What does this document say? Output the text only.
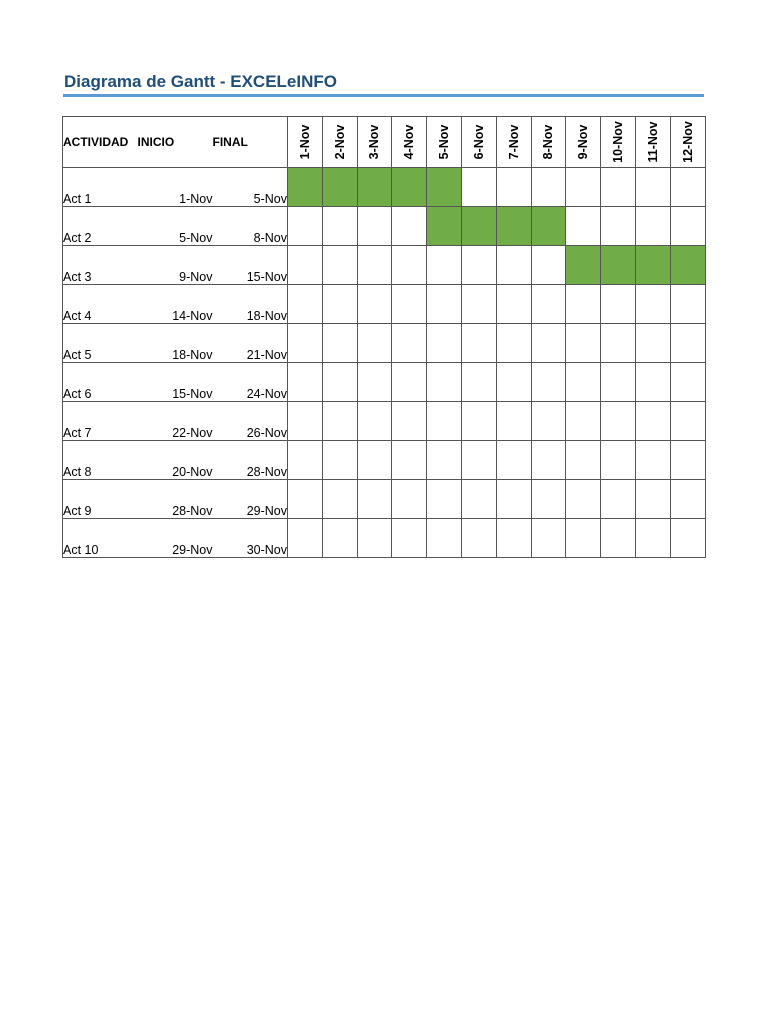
Diagrama de Gantt - EXCELeINFO
ACTIVIDAD	INICIO	FINAL	1-Nov	2-Nov	3-Nov	4-Nov	5-Nov	6-Nov	7-Nov	8-Nov	9-Nov	10-Nov	11-Nov	12-Nov

Act 1	1-Nov	5-Nov												
Act 2	5-Nov	8-Nov												
Act 3	9-Nov	15-Nov												
Act 4	14-Nov	18-Nov												
Act 5	18-Nov	21-Nov												
Act 6	15-Nov	24-Nov												
Act 7	22-Nov	26-Nov												
Act 8	20-Nov	28-Nov												
Act 9	28-Nov	29-Nov												
Act 10	29-Nov	30-Nov												
